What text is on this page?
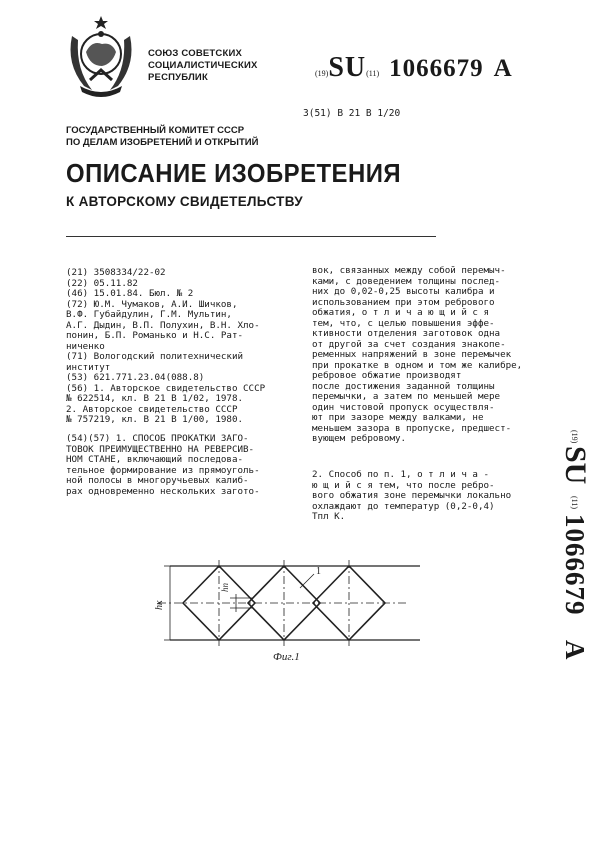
СОЮЗ СОВЕТСКИХ
СОЦИАЛИСТИЧЕСКИХ
РЕСПУБЛИК	(19)SU(11) 1066679 A
3(51) В 21 В 1/20
ГОСУДАРСТВЕННЫЙ КОМИТЕТ СССР
ПО ДЕЛАМ ИЗОБРЕТЕНИЙ И ОТКРЫТИЙ
ОПИСАНИЕ ИЗОБРЕТЕНИЯ
К АВТОРСКОМУ СВИДЕТЕЛЬСТВУ
(21) 3508334/22-02
(22) 05.11.82
(46) 15.01.84. Бюл. № 2
(72) Ю.М. Чумаков, А.И. Шичков,
В.Ф. Губайдулин, Г.М. Мультин,
А.Г. Дыдин, В.П. Полухин, В.Н. Хло-
понин, Б.П. Романько и Н.С. Рат-
ниченко
(71) Вологодский политехнический
институт
(53) 621.771.23.04(088.8)
(56) 1. Авторское свидетельство СССР
№ 622514, кл. В 21 В 1/02, 1978.
2. Авторское свидетельство СССР
№ 757219, кл. В 21 В 1/00, 1980.
(54)(57) 1. СПОСОБ ПРОКАТКИ ЗАГО-
ТОВОК ПРЕИМУЩЕСТВЕННО НА РЕВЕРСИВ-
НОМ СТАНЕ, включающий последова-
тельное формирование из прямоуголь-
ной полосы в многоручьевых калиб-
рах одновременно нескольких загото-
вок, связанных между собой перемыч-
ками, с доведением толщины послед-
них до 0,02-0,25 высоты калибра и
использованием при этом ребрового
обжатия, о т л и ч а ю щ и й с я
тем, что, с целью повышения эффе-
ктивности отделения заготовок одна
от другой за счет создания знакопе-
ременных напряжений в зоне перемычек
при прокатке в одном и том же калибре,
ребровое обжатие производят
после достижения заданной толщины
перемычки, а затем по меньшей мере
один чистовой пропуск осуществля-
ют при зазоре между валками, не
меньшем зазора в пропуске, предшест-
вующем ребровому.
2. Способ по п. 1, о т л и ч а -
ю щ и й с я тем, что после ребро-
вого обжатия зоне перемычки локально
охлаждают до температур (0,2-0,4)
Тпл К.
(19)
SU
(11)
1066679
A
hк
hп
1
Фиг.1
